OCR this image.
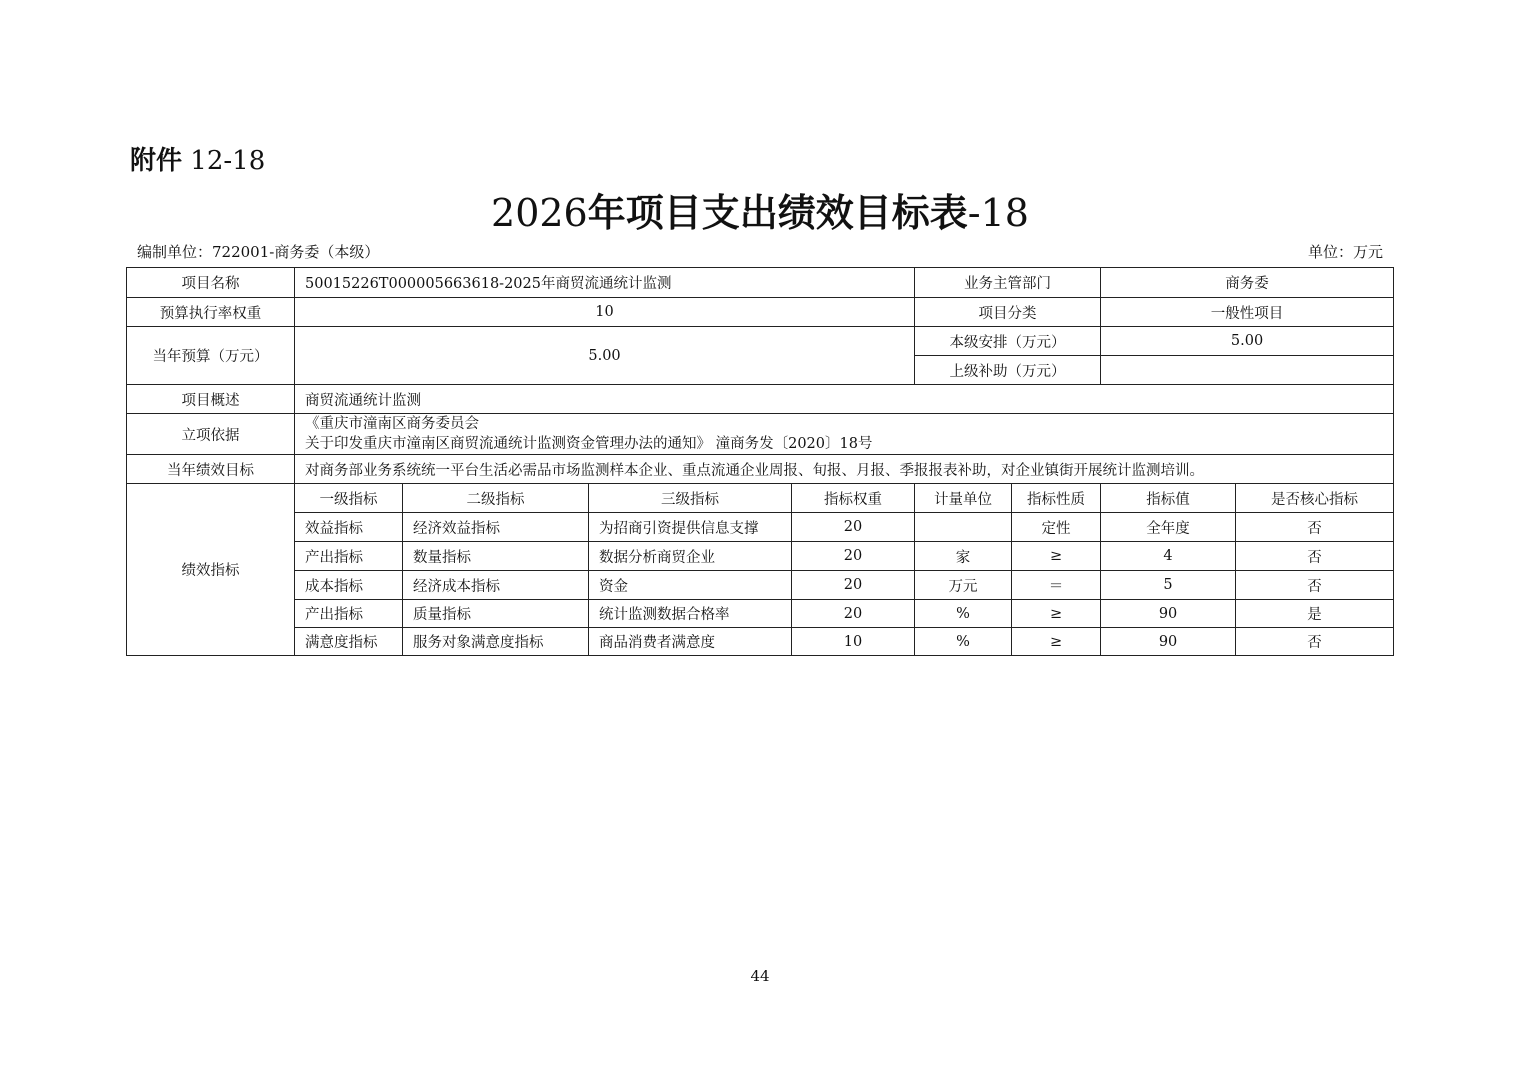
附件 12-18
2026年项目支出绩效目标表-18
编制单位：722001-商务委（本级）	单位：万元
项目名称	50015226T000005663618-2025年商贸流通统计监测				业务主管部门		商务委	
预算执行率权重	10				项目分类		一般性项目	
当年预算（万元）	5.00				本级安排（万元）		5.00	
					上级补助（万元）			
项目概述	商贸流通统计监测							
立项依据	《重庆市潼南区商务委员会
关于印发重庆市潼南区商贸流通统计监测资金管理办法的通知》 潼商务发〔2020〕18号							

当年绩效目标	对商务部业务系统统一平台生活必需品市场监测样本企业、重点流通企业周报、旬报、月报、季报报表补助，对企业镇街开展统计监测培训。							
绩效指标	一级指标	二级指标	三级指标	指标权重	计量单位	指标性质	指标值	是否核心指标
	效益指标	经济效益指标	为招商引资提供信息支撑	20		定性	全年度	否
	产出指标	数量指标	数据分析商贸企业	20	家	≥	4	否
	成本指标	经济成本指标	资金	20	万元	＝	5	否
	产出指标	质量指标	统计监测数据合格率	20	%	≥	90	是
	满意度指标	服务对象满意度指标	商品消费者满意度	10	%	≥	90	否
44
